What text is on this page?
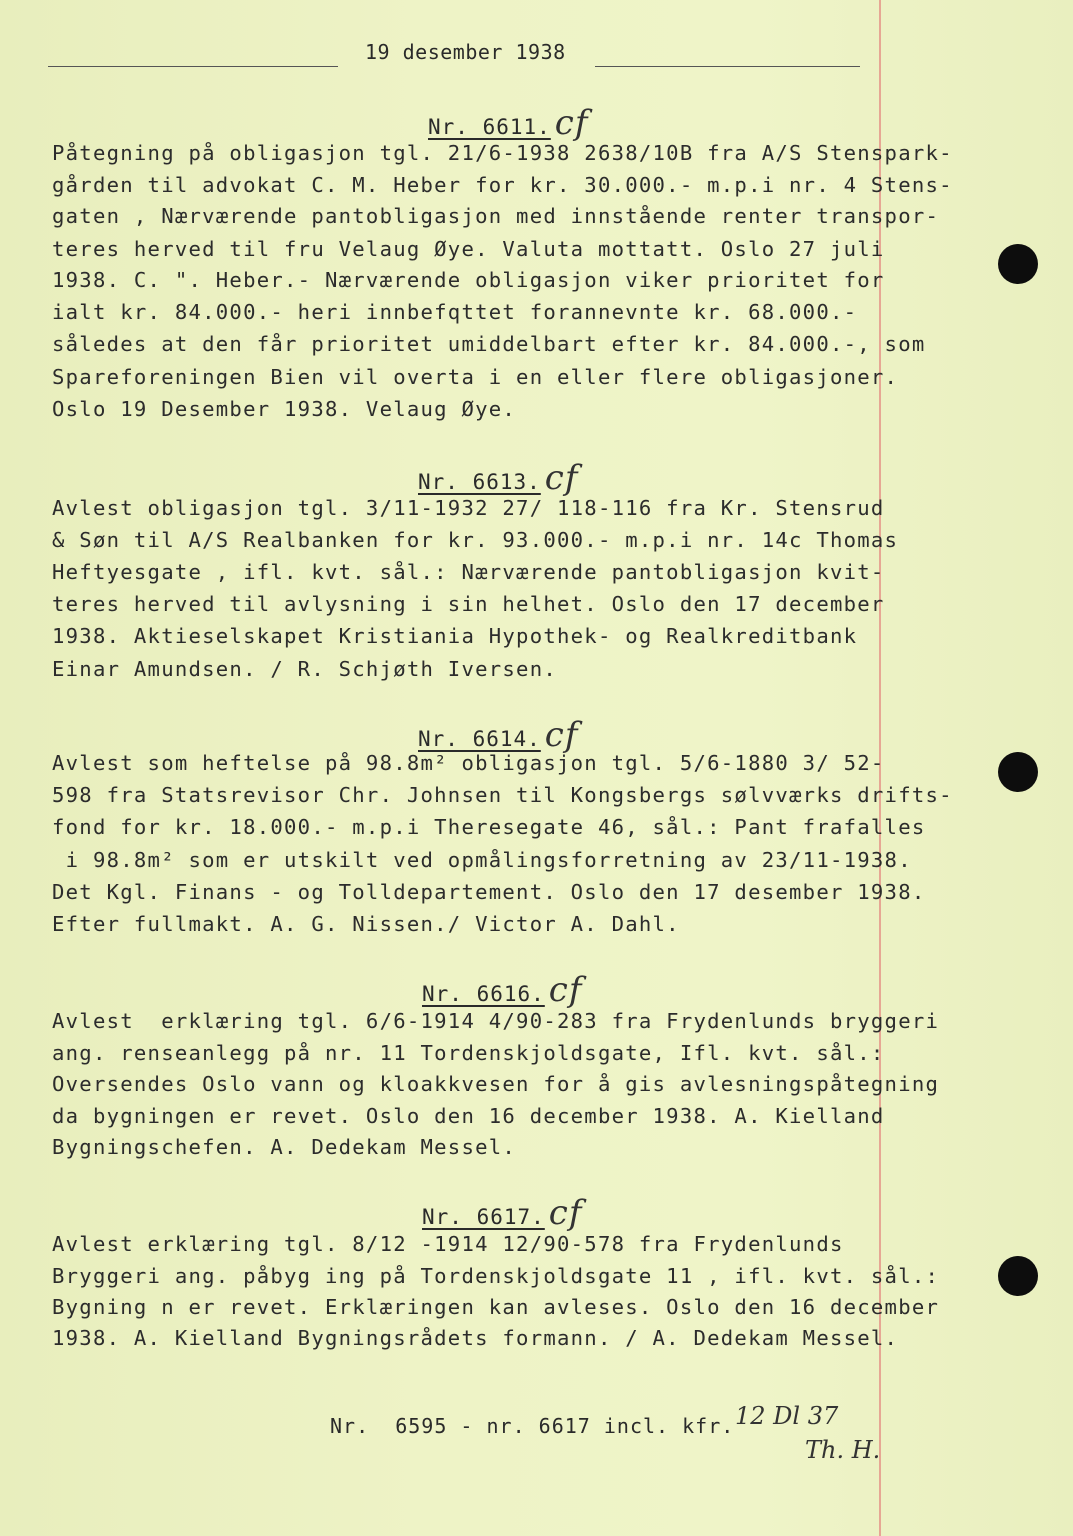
19 desember 1938
Nr. 6611. cf
Påtegning på obligasjon tgl. 21/6-1938 2638/10B fra A/S Stenspark-
gården til advokat C. M. Heber for kr. 30.000.- m.p.i nr. 4 Stens-
gaten , Nærværende pantobligasjon med innstående renter transpor-
teres herved til fru Velaug Øye. Valuta mottatt. Oslo 27 juli
1938. C. ". Heber.- Nærværende obligasjon viker prioritet for
ialt kr. 84.000.- heri innbefqttet forannevnte kr. 68.000.-
således at den får prioritet umiddelbart efter kr. 84.000.-, som
Spareforeningen Bien vil overta i en eller flere obligasjoner.
Oslo 19 Desember 1938. Velaug Øye.
Nr. 6613. cf
Avlest obligasjon tgl. 3/11-1932 27/ 118-116 fra Kr. Stensrud
& Søn til A/S Realbanken for kr. 93.000.- m.p.i nr. 14c Thomas
Heftyesgate , ifl. kvt. sål.: Nærværende pantobligasjon kvit-
teres herved til avlysning i sin helhet. Oslo den 17 december
1938. Aktieselskapet Kristiania Hypothek- og Realkreditbank
Einar Amundsen. / R. Schjøth Iversen.
Nr. 6614. cf
Avlest som heftelse på 98.8m² obligasjon tgl. 5/6-1880 3/ 52-
598 fra Statsrevisor Chr. Johnsen til Kongsbergs sølvværks drifts-
fond for kr. 18.000.- m.p.i Theresegate 46, sål.: Pant frafalles
i 98.8m² som er utskilt ved opmålingsforretning av 23/11-1938.
Det Kgl. Finans - og Tolldepartement. Oslo den 17 desember 1938.
Efter fullmakt. A. G. Nissen./ Victor A. Dahl.
Nr. 6616. cf
Avlest  erklæring tgl. 6/6-1914 4/90-283 fra Frydenlunds bryggeri
ang. renseanlegg på nr. 11 Tordenskjoldsgate, Ifl. kvt. sål.:
Oversendes Oslo vann og kloakkvesen for å gis avlesningspåtegning
da bygningen er revet. Oslo den 16 december 1938. A. Kielland
Bygningschefen. A. Dedekam Messel.
Nr. 6617. cf
Avlest erklæring tgl. 8/12 -1914 12/90-578 fra Frydenlunds
Bryggeri ang. påbyg ing på Tordenskjoldsgate 11 , ifl. kvt. sål.:
Bygning n er revet. Erklæringen kan avleses. Oslo den 16 december
1938. A. Kielland Bygningsrådets formann. / A. Dedekam Messel.
Nr.  6595 - nr. 6617 incl. kfr. 12 Dl 37
Th. H.
